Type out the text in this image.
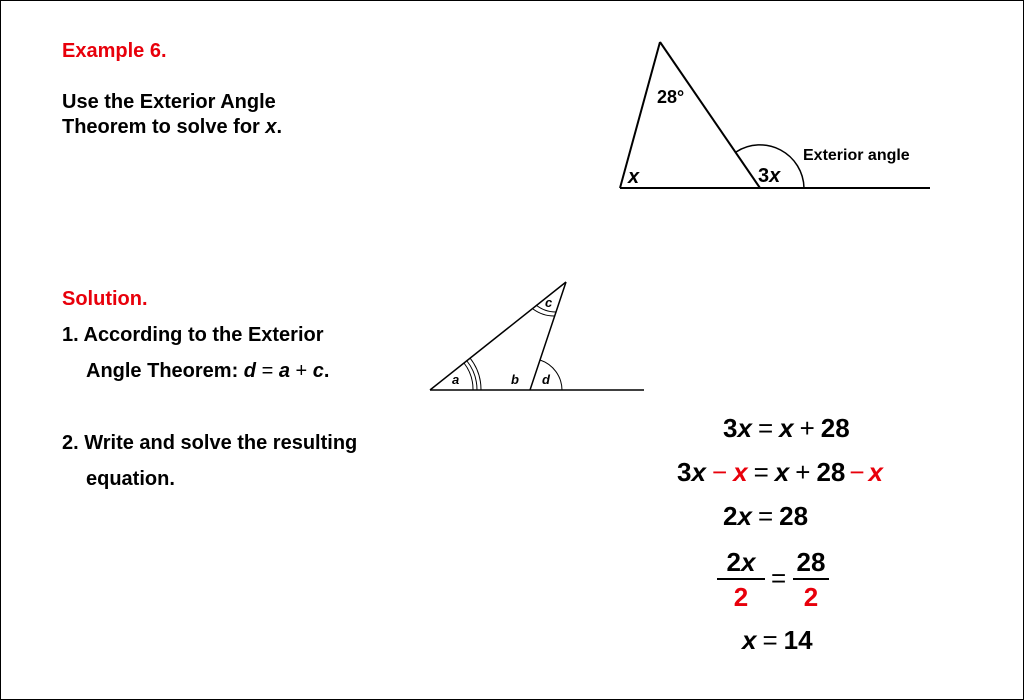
Example 6.
Use the Exterior Angle
Theorem to solve for x.
28°
x	3x
Exterior angle
a	b
c
d
Solution.
1. According to the Exterior
Angle Theorem: d = a + c.
2. Write and solve the resulting
equation.
3x = x + 28
3x − x = x + 28 − x
2x = 28
$\frac{2x}{2} = \frac{28}{2}$
x = 14
